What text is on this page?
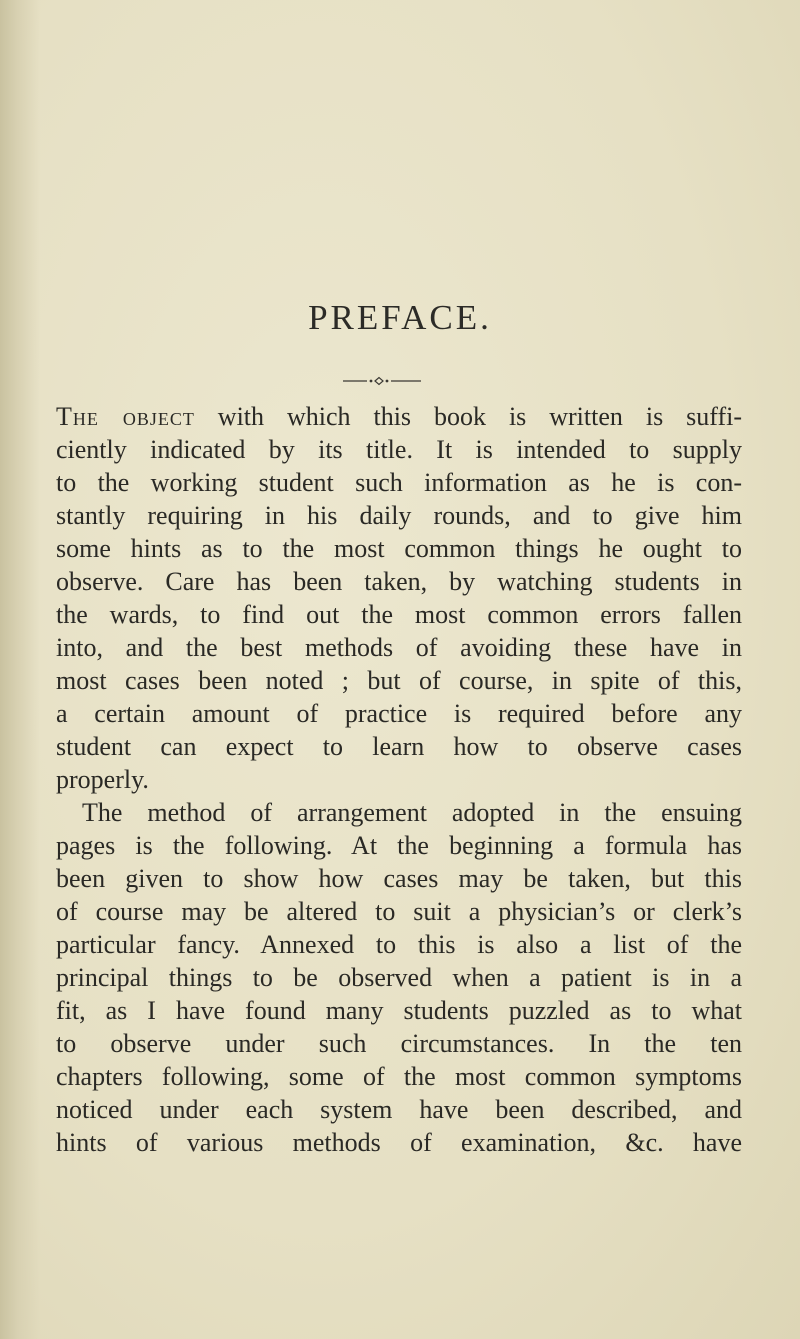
PREFACE.
The object with which this book is written is suffi-
ciently indicated by its title. It is intended to supply
to the working student such information as he is con-
stantly requiring in his daily rounds, and to give him
some hints as to the most common things he ought to
observe. Care has been taken, by watching students in
the wards, to find out the most common errors fallen
into, and the best methods of avoiding these have in
most cases been noted ; but of course, in spite of this,
a certain amount of practice is required before any
student can expect to learn how to observe cases
properly.
The method of arrangement adopted in the ensuing
pages is the following. At the beginning a formula has
been given to show how cases may be taken, but this
of course may be altered to suit a physician’s or clerk’s
particular fancy. Annexed to this is also a list of the
principal things to be observed when a patient is in a
fit, as I have found many students puzzled as to what
to observe under such circumstances. In the ten
chapters following, some of the most common symptoms
noticed under each system have been described, and
hints of various methods of examination, &c. have
